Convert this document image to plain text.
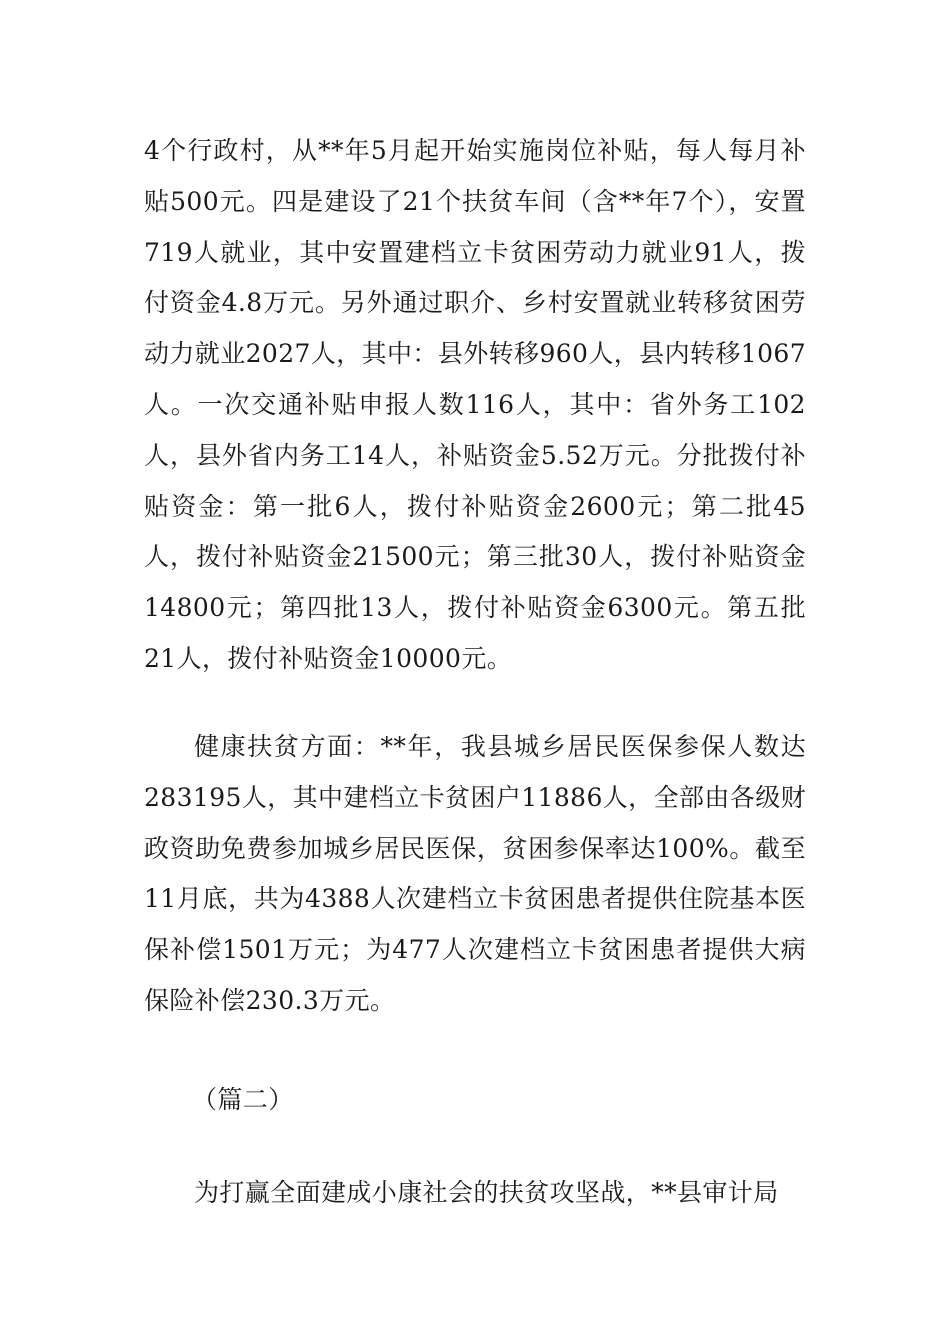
4个行政村，从**年5月起开始实施岗位补贴，每人每月补贴500元。四是建设了21个扶贫车间（含**年7个），安置719人就业，其中安置建档立卡贫困劳动力就业91人，拨付资金4.8万元。另外通过职介、乡村安置就业转移贫困劳动力就业2027人，其中：县外转移960人，县内转移1067人。一次交通补贴申报人数116人，其中：省外务工102人，县外省内务工14人，补贴资金5.52万元。分批拨付补贴资金：第一批6人，拨付补贴资金2600元；第二批45人，拨付补贴资金21500元；第三批30人，拨付补贴资金14800元；第四批13人，拨付补贴资金6300元。第五批21人，拨付补贴资金10000元。

健康扶贫方面：**年，我县城乡居民医保参保人数达283195人，其中建档立卡贫困户11886人，全部由各级财政资助免费参加城乡居民医保，贫困参保率达100%。截至11月底，共为4388人次建档立卡贫困患者提供住院基本医保补偿1501万元；为477人次建档立卡贫困患者提供大病保险补偿230.3万元。

（篇二）

为打赢全面建成小康社会的扶贫攻坚战，**县审计局
